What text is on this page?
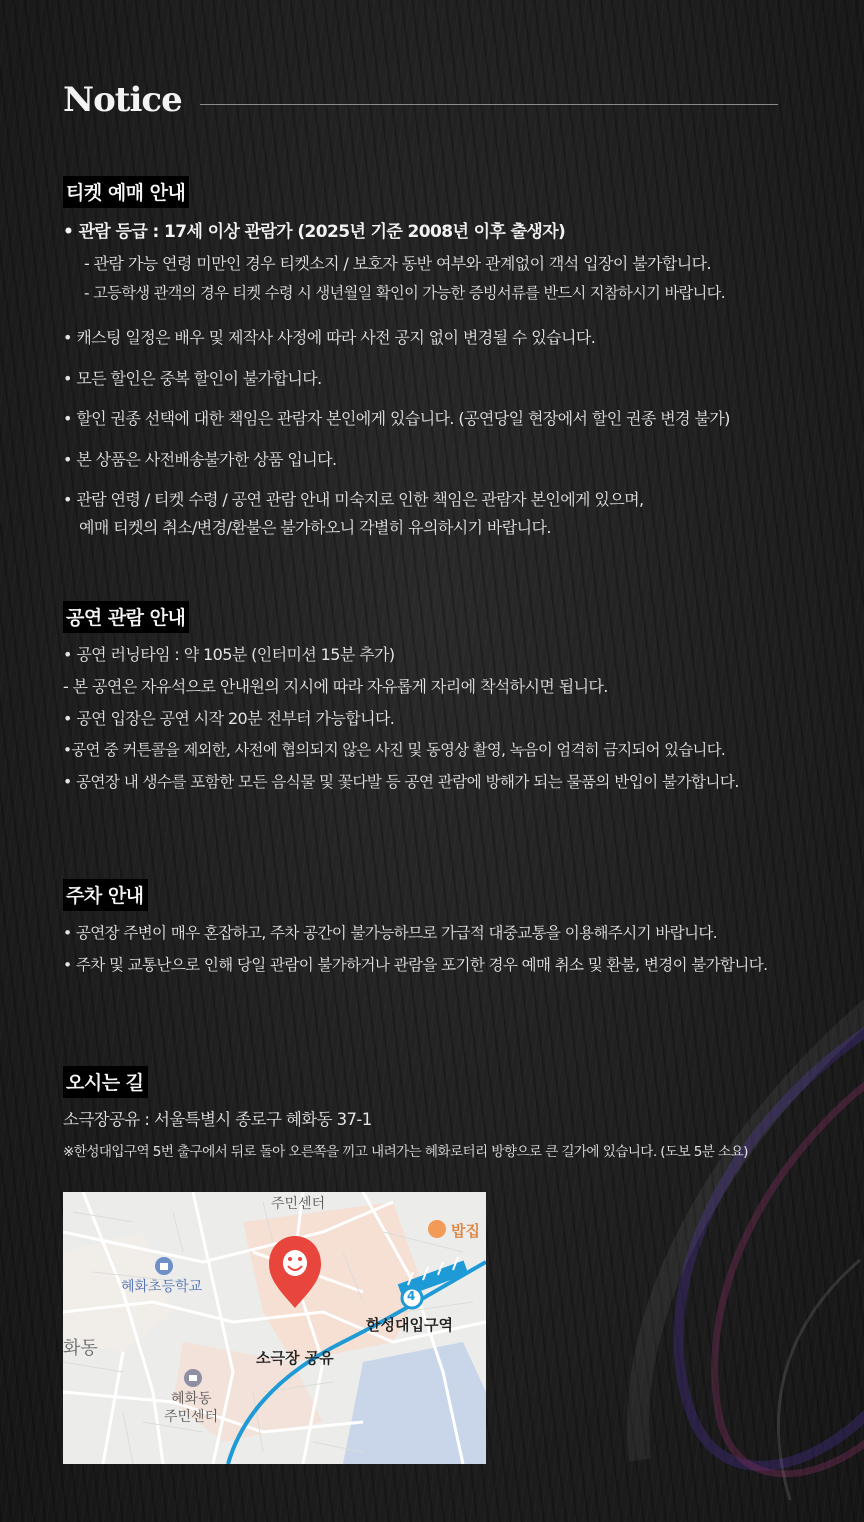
Notice
티켓 예매 안내
• 관람 등급 : 17세 이상 관람가 (2025년 기준 2008년 이후 출생자)
- 관람 가능 연령 미만인 경우 티켓소지 / 보호자 동반 여부와 관계없이 객석 입장이 불가합니다.
- 고등학생 관객의 경우 티켓 수령 시 생년월일 확인이 가능한 증빙서류를 반드시 지참하시기 바랍니다.
• 캐스팅 일정은 배우 및 제작사 사정에 따라 사전 공지 없이 변경될 수 있습니다.
• 모든 할인은 중복 할인이 불가합니다.
• 할인 권종 선택에 대한 책임은 관람자 본인에게 있습니다. (공연당일 현장에서 할인 권종 변경 불가)
• 본 상품은 사전배송불가한 상품 입니다.
• 관람 연령 / 티켓 수령 / 공연 관람 안내 미숙지로 인한 책임은 관람자 본인에게 있으며,
예매 티켓의 취소/변경/환불은 불가하오니 각별히 유의하시기 바랍니다.
공연 관람 안내
• 공연 러닝타임 : 약 105분 (인터미션 15분 추가)
- 본 공연은 자유석으로 안내원의 지시에 따라 자유롭게 자리에 착석하시면 됩니다.
• 공연 입장은 공연 시작 20분 전부터 가능합니다.
•공연 중 커튼콜을 제외한, 사전에 협의되지 않은 사진 및 동영상 촬영, 녹음이 엄격히 금지되어 있습니다.
• 공연장 내 생수를 포함한 모든 음식물 및 꽃다발 등 공연 관람에 방해가 되는 물품의 반입이 불가합니다.
주차 안내
• 공연장 주변이 매우 혼잡하고, 주차 공간이 불가능하므로 가급적 대중교통을 이용해주시기 바랍니다.
• 주차 및 교통난으로 인해 당일 관람이 불가하거나 관람을 포기한 경우 예매 취소 및 환불, 변경이 불가합니다.
오시는 길
소극장공유 : 서울특별시 종로구 혜화동 37-1
※한성대입구역 5번 출구에서 뒤로 돌아 오른쪽을 끼고 내려가는 혜화로터리 방향으로 큰 길가에 있습니다. (도보 5분 소요)
주민센터
밥집
혜화초등학교
4
한성대입구역
화동	소극장 공유
혜화동
주민센터
